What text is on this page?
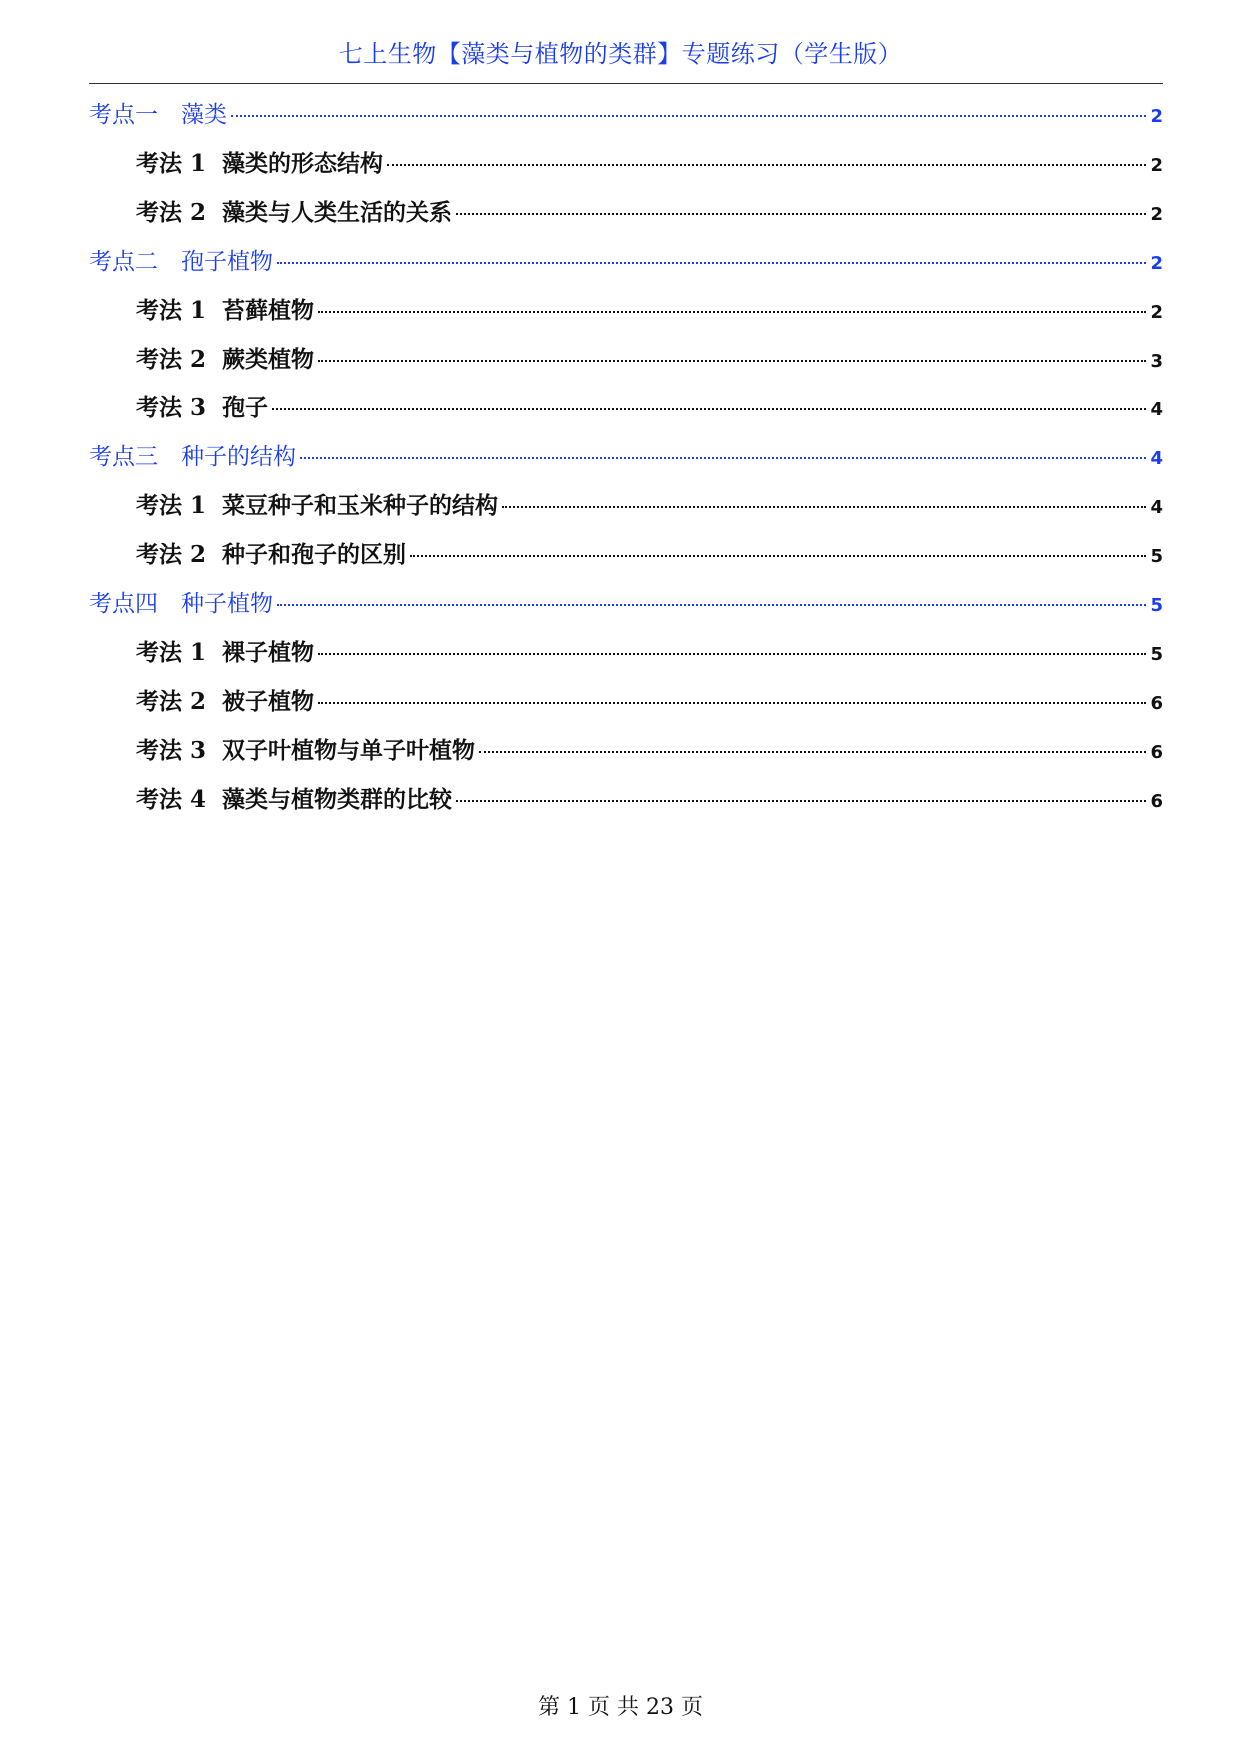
七上生物【藻类与植物的类群】专题练习（学生版）
考点一　藻类	2
考法 1  藻类的形态结构	2
考法 2  藻类与人类生活的关系	2
考点二　孢子植物	2
考法 1  苔藓植物	2
考法 2  蕨类植物	3
考法 3  孢子	4
考点三　种子的结构	4
考法 1  菜豆种子和玉米种子的结构	4
考法 2  种子和孢子的区别	5
考点四　种子植物	5
考法 1  裸子植物	5
考法 2  被子植物	6
考法 3  双子叶植物与单子叶植物	6
考法 4  藻类与植物类群的比较	6
第 1 页 共 23 页
